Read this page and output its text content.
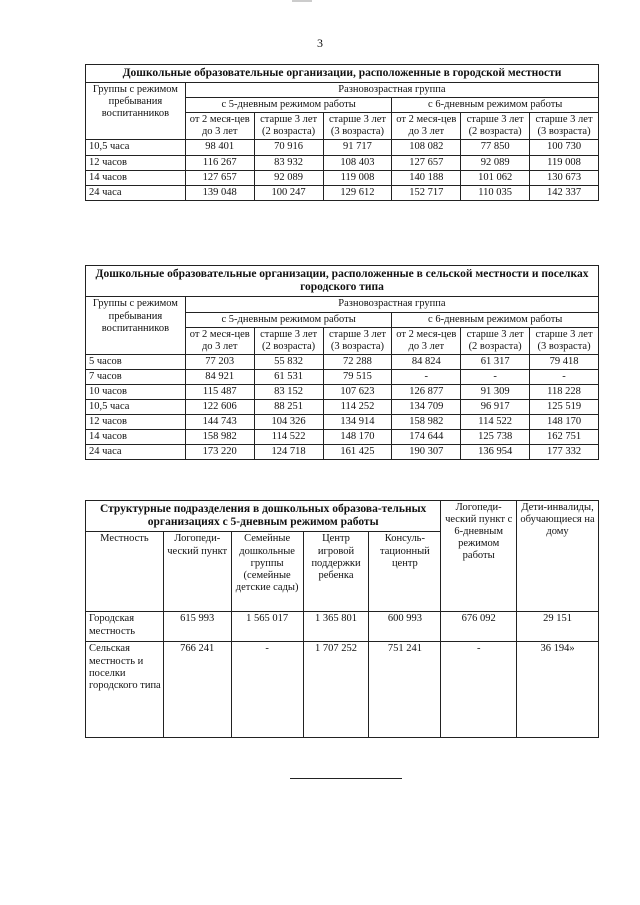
3
Дошкольные образовательные организации, расположенные в городской местности						
Группы с режимом пребывания воспитанников	Разновозрастная группа					
	с 5-дневным режимом работы			с 6-дневным режимом работы		
	от 2 меся-цев до 3 лет	старше 3 лет (2 возраста)	старше 3 лет (3 возраста)	от 2 меся-цев до 3 лет	старше 3 лет (2 возраста)	старше 3 лет (3 возраста)
10,5 часа	98 401	70 916	91 717	108 082	77 850	100 730
12 часов	116 267	83 932	108 403	127 657	92 089	119 008
14 часов	127 657	92 089	119 008	140 188	101 062	130 673
24 часа	139 048	100 247	129 612	152 717	110 035	142 337
Дошкольные образовательные организации, расположенные в сельской местности и поселках городского типа						
Группы с режимом пребывания воспитанников	Разновозрастная группа					
	с 5-дневным режимом работы			с 6-дневным режимом работы		
	от 2 меся-цев до 3 лет	старше 3 лет (2 возраста)	старше 3 лет (3 возраста)	от 2 меся-цев до 3 лет	старше 3 лет (2 возраста)	старше 3 лет (3 возраста)
5 часов	77 203	55 832	72 288	84 824	61 317	79 418
7 часов	84 921	61 531	79 515	-	-	-
10 часов	115 487	83 152	107 623	126 877	91 309	118 228
10,5 часа	122 606	88 251	114 252	134 709	96 917	125 519
12 часов	144 743	104 326	134 914	158 982	114 522	148 170
14 часов	158 982	114 522	148 170	174 644	125 738	162 751
24 часа	173 220	124 718	161 425	190 307	136 954	177 332
Структурные подразделения в дошкольных образова-тельных организациях с 5-дневным режимом работы					Логопеди-ческий пункт с 6-дневным режимом работы	Дети-инвалиды, обучающиеся на дому
Местность	Логопеди-ческий пункт	Семейные дошкольные группы (семейные детские сады)	Центр игровой поддержки ребенка	Консуль-тационный центр		
Городская местность	615 993	1 565 017	1 365 801	600 993	676 092	29 151
Сельская местность и поселки городского типа	766 241	-	1 707 252	751 241	-	36 194»
